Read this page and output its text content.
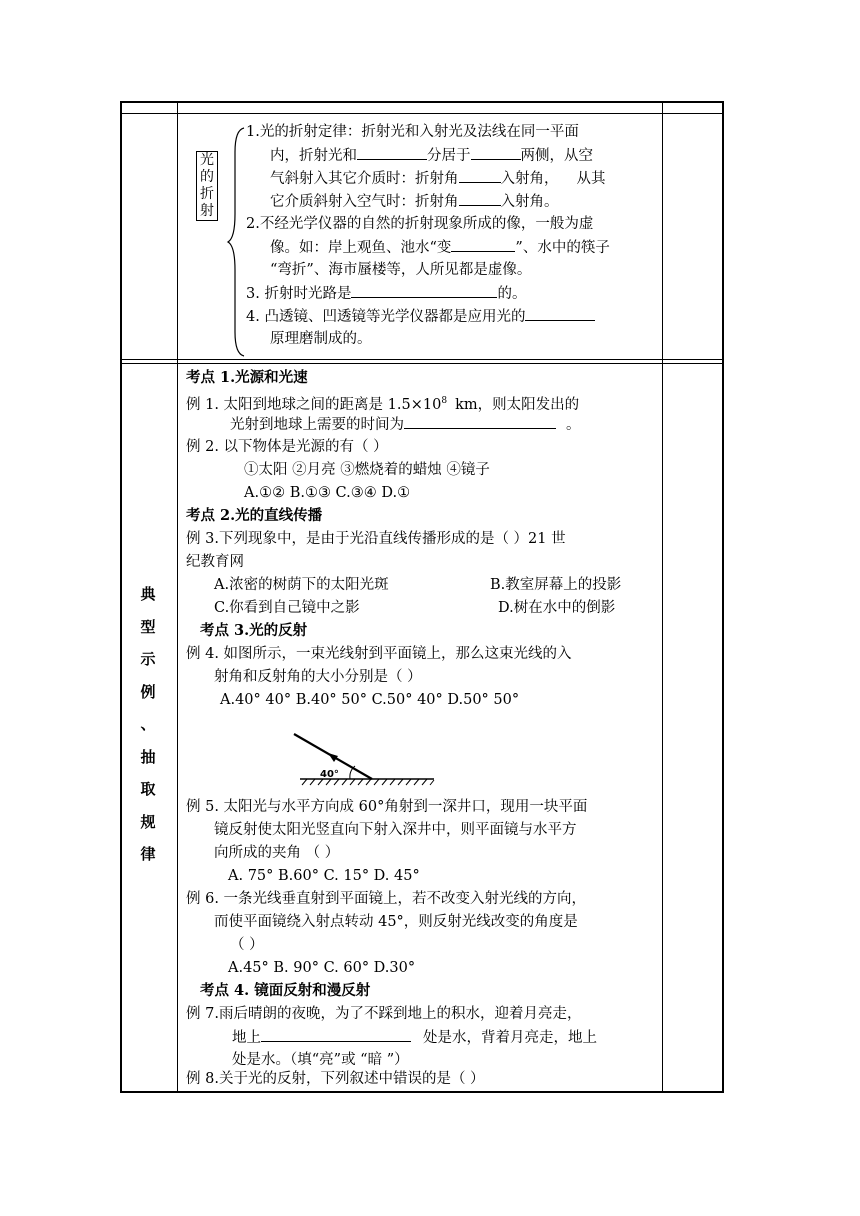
光
的
折
射
1.光的折射定律：折射光和入射光及法线在同一平面
内，折射光和	分居于	两侧，从空
气斜射入其它介质时：折射角	入射角， 从其
它介质斜射入空气时：折射角	入射角。
2.不经光学仪器的自然的折射现象所成的像，一般为虚
像。如：岸上观鱼、池水“变	”、水中的筷子
“弯折”、海市蜃楼等，人所见都是虚像。
3. 折射时光路是	的。
4. 凸透镜、凹透镜等光学仪器都是应用光的
原理磨制成的。
典
型
示
例
、
抽
取
规
律
考点 1.光源和光速
例 1. 太阳到地球之间的距离是 $1.5\times 10^8$ km，则太阳发出的
光射到地球上需要的时间为	。
例 2. 以下物体是光源的有（ ）
①太阳 ②月亮 ③燃烧着的蜡烛 ④镜子
A.①② B.①③ C.③④ D.①
考点 2.光的直线传播
例 3.下列现象中，是由于光沿直线传播形成的是（ ）21 世
纪教育网
A.浓密的树荫下的太阳光斑	B.教室屏幕上的投影
C.你看到自己镜中之影	D.树在水中的倒影
考点 3.光的反射
例 4. 如图所示，一束光线射到平面镜上，那么这束光线的入
射角和反射角的大小分别是（ ）
A.40° 40° B.40° 50° C.50° 40° D.50° 50°
40°
例 5. 太阳光与水平方向成 60°角射到一深井口，现用一块平面
镜反射使太阳光竖直向下射入深井中，则平面镜与水平方
向所成的夹角 （ ）
A. 75° B.60° C. 15° D. 45°
例 6. 一条光线垂直射到平面镜上，若不改变入射光线的方向，
而使平面镜绕入射点转动 45°，则反射光线改变的角度是
（ ）
A.45° B. 90° C. 60° D.30°
考点 4. 镜面反射和漫反射
例 7.雨后晴朗的夜晚，为了不踩到地上的积水，迎着月亮走，
地上	处是水，背着月亮走，地上
处是水。（填“亮”或 “暗 ”）
例 8.关于光的反射，下列叙述中错误的是（ ）
